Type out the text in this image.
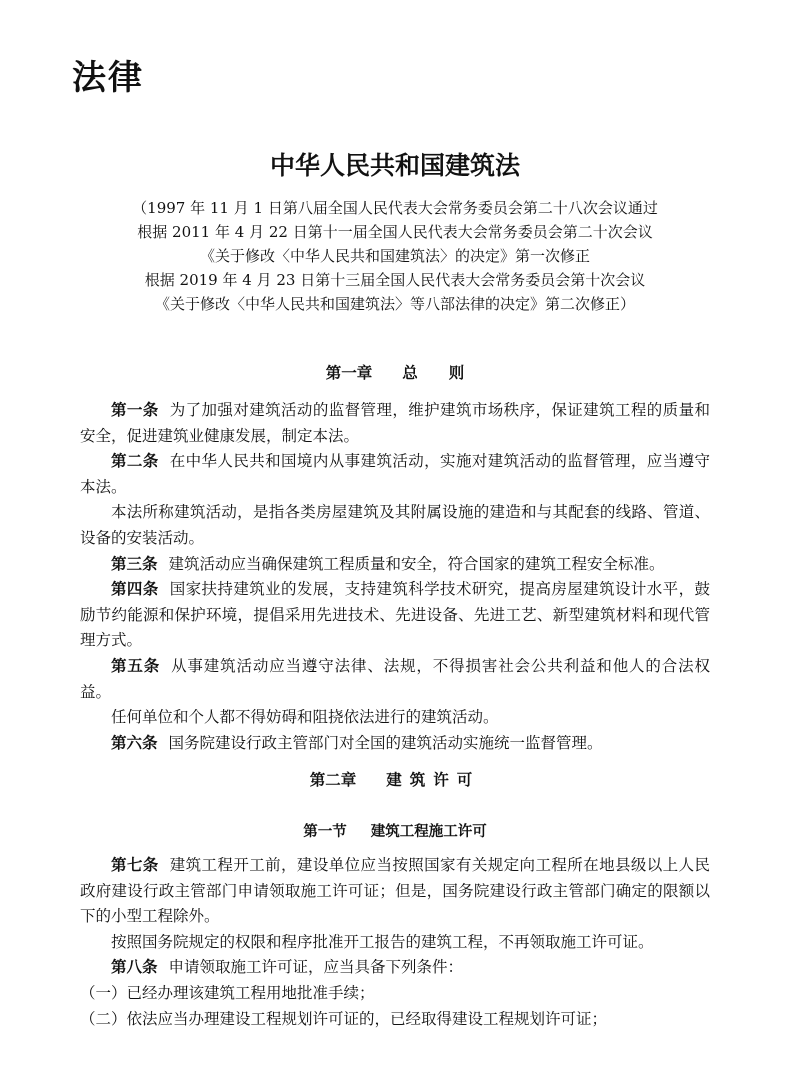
法律
中华人民共和国建筑法
（1997 年 11 月 1 日第八届全国人民代表大会常务委员会第二十八次会议通过
根据 2011 年 4 月 22 日第十一届全国人民代表大会常务委员会第二十次会议
《关于修改〈中华人民共和国建筑法〉的决定》第一次修正
根据 2019 年 4 月 23 日第十三届全国人民代表大会常务委员会第十次会议
《关于修改〈中华人民共和国建筑法〉等八部法律的决定》第二次修正）
第一章 总　　则

第一条 为了加强对建筑活动的监督管理，维护建筑市场秩序，保证建筑工程的质量和安全，促进建筑业健康发展，制定本法。

第二条 在中华人民共和国境内从事建筑活动，实施对建筑活动的监督管理，应当遵守本法。

本法所称建筑活动，是指各类房屋建筑及其附属设施的建造和与其配套的线路、管道、设备的安装活动。

第三条 建筑活动应当确保建筑工程质量和安全，符合国家的建筑工程安全标准。

第四条 国家扶持建筑业的发展，支持建筑科学技术研究，提高房屋建筑设计水平，鼓励节约能源和保护环境，提倡采用先进技术、先进设备、先进工艺、新型建筑材料和现代管理方式。

第五条 从事建筑活动应当遵守法律、法规，不得损害社会公共利益和他人的合法权益。

任何单位和个人都不得妨碍和阻挠依法进行的建筑活动。

第六条 国务院建设行政主管部门对全国的建筑活动实施统一监督管理。

第二章 建筑许可
第一节 建筑工程施工许可

第七条 建筑工程开工前，建设单位应当按照国家有关规定向工程所在地县级以上人民政府建设行政主管部门申请领取施工许可证；但是，国务院建设行政主管部门确定的限额以下的小型工程除外。

按照国务院规定的权限和程序批准开工报告的建筑工程，不再领取施工许可证。

第八条 申请领取施工许可证，应当具备下列条件：

（一）已经办理该建筑工程用地批准手续；

（二）依法应当办理建设工程规划许可证的，已经取得建设工程规划许可证；
